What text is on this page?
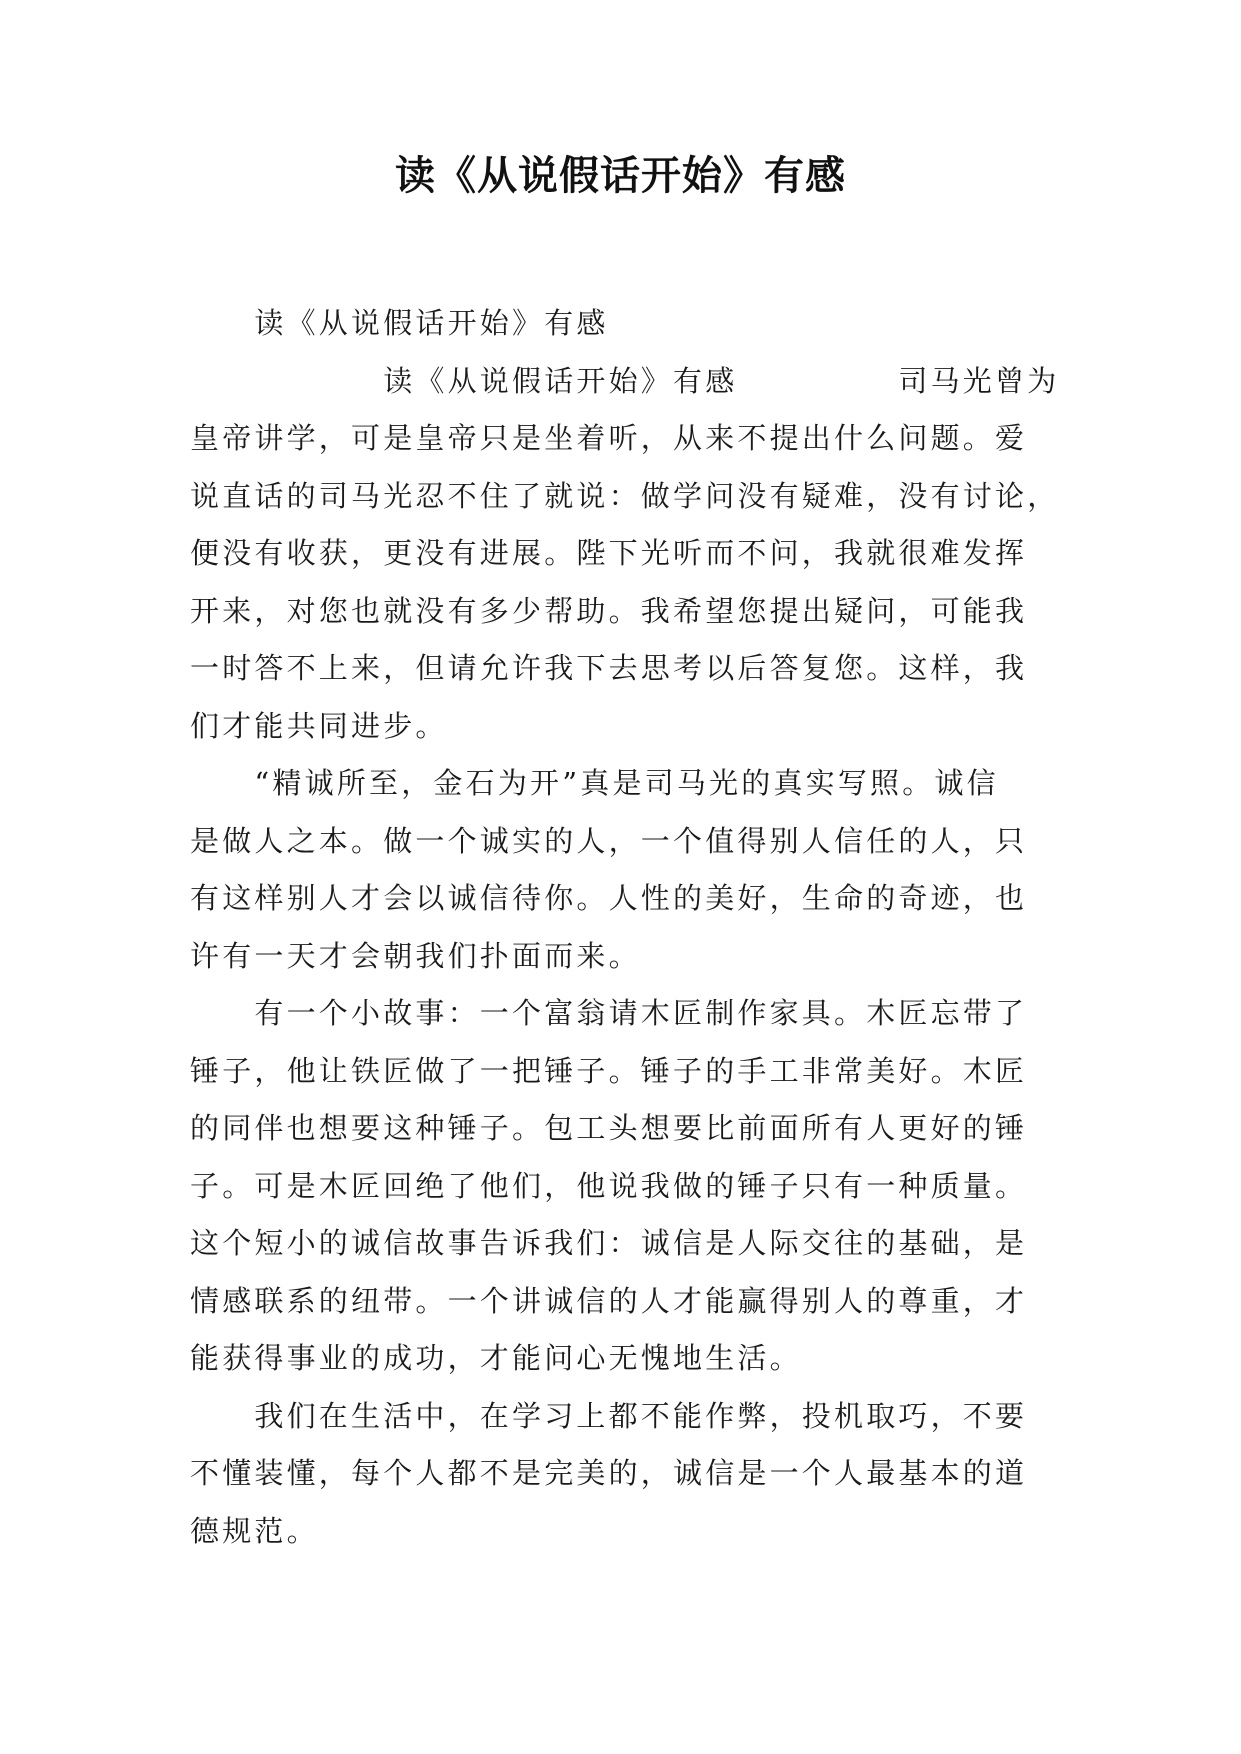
读《从说假话开始》有感
　　读《从说假话开始》有感
　　　　　　读《从说假话开始》有感　　　　　司马光曾为
皇帝讲学，可是皇帝只是坐着听，从来不提出什么问题。爱
说直话的司马光忍不住了就说：做学问没有疑难，没有讨论，
便没有收获，更没有进展。陛下光听而不问，我就很难发挥
开来，对您也就没有多少帮助。我希望您提出疑问，可能我
一时答不上来，但请允许我下去思考以后答复您。这样，我
们才能共同进步。
　　“精诚所至，金石为开”真是司马光的真实写照。诚信
是做人之本。做一个诚实的人，一个值得别人信任的人，只
有这样别人才会以诚信待你。人性的美好，生命的奇迹，也
许有一天才会朝我们扑面而来。
　　有一个小故事：一个富翁请木匠制作家具。木匠忘带了
锤子，他让铁匠做了一把锤子。锤子的手工非常美好。木匠
的同伴也想要这种锤子。包工头想要比前面所有人更好的锤
子。可是木匠回绝了他们，他说我做的锤子只有一种质量。
这个短小的诚信故事告诉我们：诚信是人际交往的基础，是
情感联系的纽带。一个讲诚信的人才能赢得别人的尊重，才
能获得事业的成功，才能问心无愧地生活。
　　我们在生活中，在学习上都不能作弊，投机取巧，不要
不懂装懂，每个人都不是完美的，诚信是一个人最基本的道
德规范。
